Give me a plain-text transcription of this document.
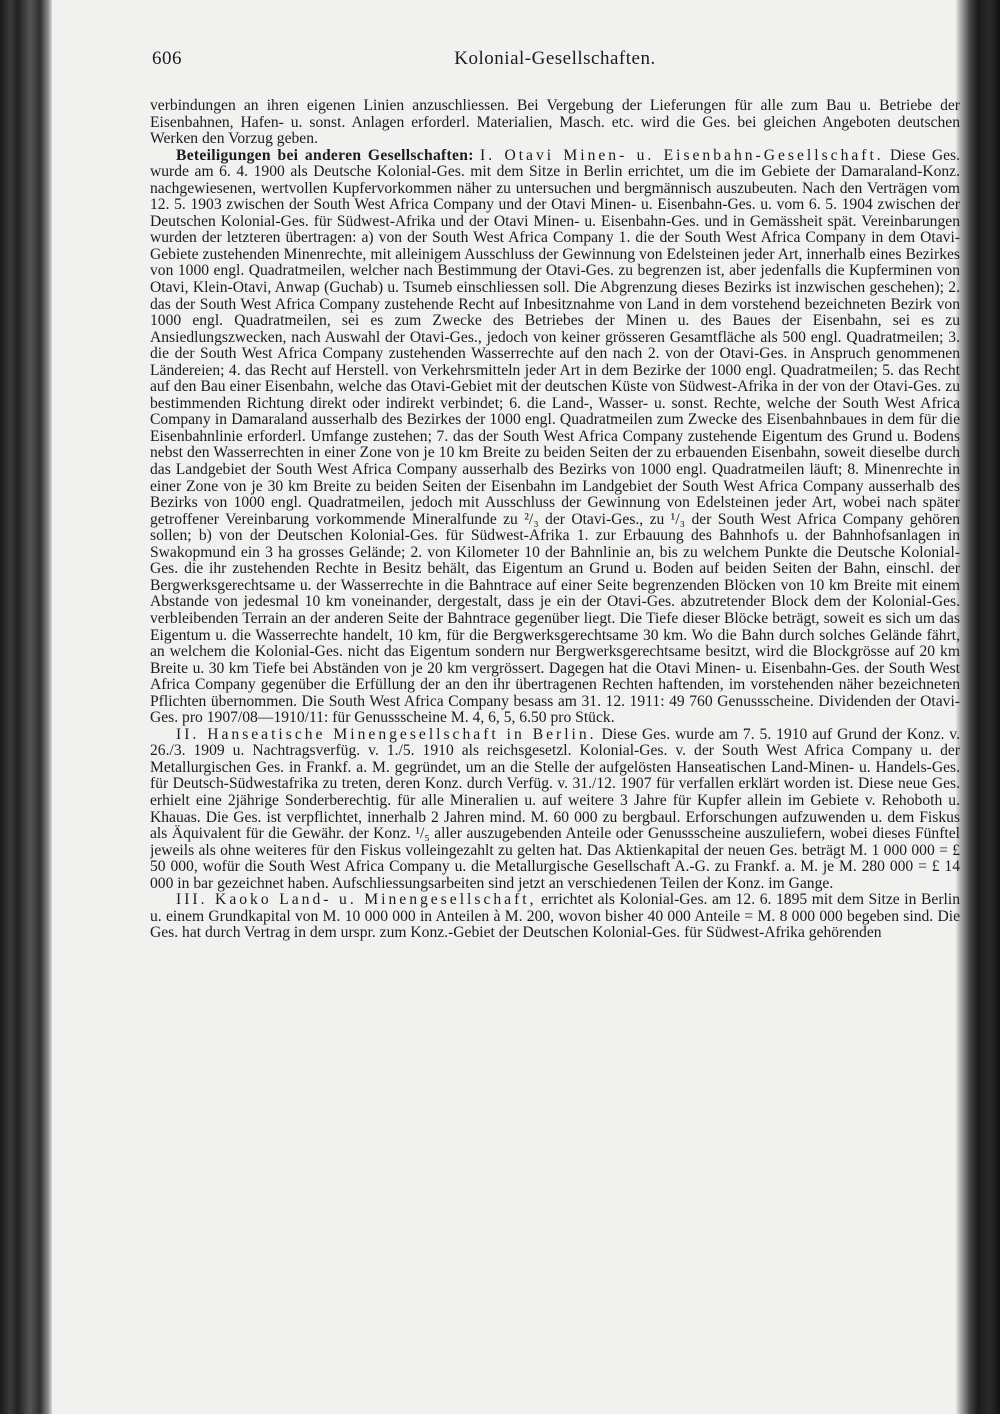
606	Kolonial-Gesellschaften.

verbindungen an ihren eigenen Linien anzuschliessen. Bei Vergebung der Lieferungen für alle zum Bau u. Betriebe der Eisenbahnen, Hafen- u. sonst. Anlagen erforderl. Materialien, Masch. etc. wird die Ges. bei gleichen Angeboten deutschen Werken den Vorzug geben.

Beteiligungen bei anderen Gesellschaften: I. Otavi Minen- u. Eisenbahn-Gesellschaft. Diese Ges. wurde am 6. 4. 1900 als Deutsche Kolonial-Ges. mit dem Sitze in Berlin errichtet, um die im Gebiete der Damaraland-Konz. nachgewiesenen, wertvollen Kupfervorkommen näher zu untersuchen und bergmännisch auszubeuten. Nach den Verträgen vom 12. 5. 1903 zwischen der South West Africa Company und der Otavi Minen- u. Eisenbahn-Ges. u. vom 6. 5. 1904 zwischen der Deutschen Kolonial-Ges. für Südwest-Afrika und der Otavi Minen- u. Eisenbahn-Ges. und in Gemässheit spät. Vereinbarungen wurden der letzteren übertragen: a) von der South West Africa Company 1. die der South West Africa Company in dem Otavi-Gebiete zustehenden Minenrechte, mit alleinigem Ausschluss der Gewinnung von Edelsteinen jeder Art, innerhalb eines Bezirkes von 1000 engl. Quadratmeilen, welcher nach Bestimmung der Otavi-Ges. zu begrenzen ist, aber jedenfalls die Kupferminen von Otavi, Klein-Otavi, Anwap (Guchab) u. Tsumeb einschliessen soll. Die Abgrenzung dieses Bezirks ist inzwischen geschehen); 2. das der South West Africa Company zustehende Recht auf Inbesitznahme von Land in dem vorstehend bezeichneten Bezirk von 1000 engl. Quadratmeilen, sei es zum Zwecke des Betriebes der Minen u. des Baues der Eisenbahn, sei es zu Ansiedlungszwecken, nach Auswahl der Otavi-Ges., jedoch von keiner grösseren Gesamtfläche als 500 engl. Quadratmeilen; 3. die der South West Africa Company zustehenden Wasserrechte auf den nach 2. von der Otavi-Ges. in Anspruch genommenen Ländereien; 4. das Recht auf Herstell. von Verkehrsmitteln jeder Art in dem Bezirke der 1000 engl. Quadratmeilen; 5. das Recht auf den Bau einer Eisenbahn, welche das Otavi-Gebiet mit der deutschen Küste von Südwest-Afrika in der von der Otavi-Ges. zu bestimmenden Richtung direkt oder indirekt verbindet; 6. die Land-, Wasser- u. sonst. Rechte, welche der South West Africa Company in Damaraland ausserhalb des Bezirkes der 1000 engl. Quadratmeilen zum Zwecke des Eisenbahnbaues in dem für die Eisenbahnlinie erforderl. Umfange zustehen; 7. das der South West Africa Company zustehende Eigentum des Grund u. Bodens nebst den Wasserrechten in einer Zone von je 10 km Breite zu beiden Seiten der zu erbauenden Eisenbahn, soweit dieselbe durch das Landgebiet der South West Africa Company ausserhalb des Bezirks von 1000 engl. Quadratmeilen läuft; 8. Minenrechte in einer Zone von je 30 km Breite zu beiden Seiten der Eisenbahn im Landgebiet der South West Africa Company ausserhalb des Bezirks von 1000 engl. Quadratmeilen, jedoch mit Ausschluss der Gewinnung von Edelsteinen jeder Art, wobei nach später getroffener Vereinbarung vorkommende Mineralfunde zu ²/₃ der Otavi-Ges., zu ¹/₃ der South West Africa Company gehören sollen; b) von der Deutschen Kolonial-Ges. für Südwest-Afrika 1. zur Erbauung des Bahnhofs u. der Bahnhofsanlagen in Swakopmund ein 3 ha grosses Gelände; 2. von Kilometer 10 der Bahnlinie an, bis zu welchem Punkte die Deutsche Kolonial-Ges. die ihr zustehenden Rechte in Besitz behält, das Eigentum an Grund u. Boden auf beiden Seiten der Bahn, einschl. der Bergwerksgerechtsame u. der Wasserrechte in die Bahntrace auf einer Seite begrenzenden Blöcken von 10 km Breite mit einem Abstande von jedesmal 10 km voneinander, dergestalt, dass je ein der Otavi-Ges. abzutretender Block dem der Kolonial-Ges. verbleibenden Terrain an der anderen Seite der Bahntrace gegenüber liegt. Die Tiefe dieser Blöcke beträgt, soweit es sich um das Eigentum u. die Wasserrechte handelt, 10 km, für die Bergwerksgerechtsame 30 km. Wo die Bahn durch solches Gelände fährt, an welchem die Kolonial-Ges. nicht das Eigentum sondern nur Bergwerksgerechtsame besitzt, wird die Blockgrösse auf 20 km Breite u. 30 km Tiefe bei Abständen von je 20 km vergrössert. Dagegen hat die Otavi Minen- u. Eisenbahn-Ges. der South West Africa Company gegenüber die Erfüllung der an den ihr übertragenen Rechten haftenden, im vorstehenden näher bezeichneten Pflichten übernommen. Die South West Africa Company besass am 31. 12. 1911: 49 760 Genussscheine. Dividenden der Otavi-Ges. pro 1907/08—1910/11: für Genussscheine M. 4, 6, 5, 6.50 pro Stück.

II. Hanseatische Minengesellschaft in Berlin. Diese Ges. wurde am 7. 5. 1910 auf Grund der Konz. v. 26./3. 1909 u. Nachtragsverfüg. v. 1./5. 1910 als reichsgesetzl. Kolonial-Ges. v. der South West Africa Company u. der Metallurgischen Ges. in Frankf. a. M. gegründet, um an die Stelle der aufgelösten Hanseatischen Land-Minen- u. Handels-Ges. für Deutsch-Südwestafrika zu treten, deren Konz. durch Verfüg. v. 31./12. 1907 für verfallen erklärt worden ist. Diese neue Ges. erhielt eine 2jährige Sonderberechtig. für alle Mineralien u. auf weitere 3 Jahre für Kupfer allein im Gebiete v. Rehoboth u. Khauas. Die Ges. ist verpflichtet, innerhalb 2 Jahren mind. M. 60 000 zu bergbaul. Erforschungen aufzuwenden u. dem Fiskus als Äquivalent für die Gewähr. der Konz. ¹/₅ aller auszugebenden Anteile oder Genussscheine auszuliefern, wobei dieses Fünftel jeweils als ohne weiteres für den Fiskus volleingezahlt zu gelten hat. Das Aktienkapital der neuen Ges. beträgt M. 1 000 000 = £ 50 000, wofür die South West Africa Company u. die Metallurgische Gesellschaft A.-G. zu Frankf. a. M. je M. 280 000 = £ 14 000 in bar gezeichnet haben. Aufschliessungsarbeiten sind jetzt an verschiedenen Teilen der Konz. im Gange.

III. Kaoko Land- u. Minengesellschaft, errichtet als Kolonial-Ges. am 12. 6. 1895 mit dem Sitze in Berlin u. einem Grundkapital von M. 10 000 000 in Anteilen à M. 200, wovon bisher 40 000 Anteile = M. 8 000 000 begeben sind. Die Ges. hat durch Vertrag in dem urspr. zum Konz.-Gebiet der Deutschen Kolonial-Ges. für Südwest-Afrika gehörenden
